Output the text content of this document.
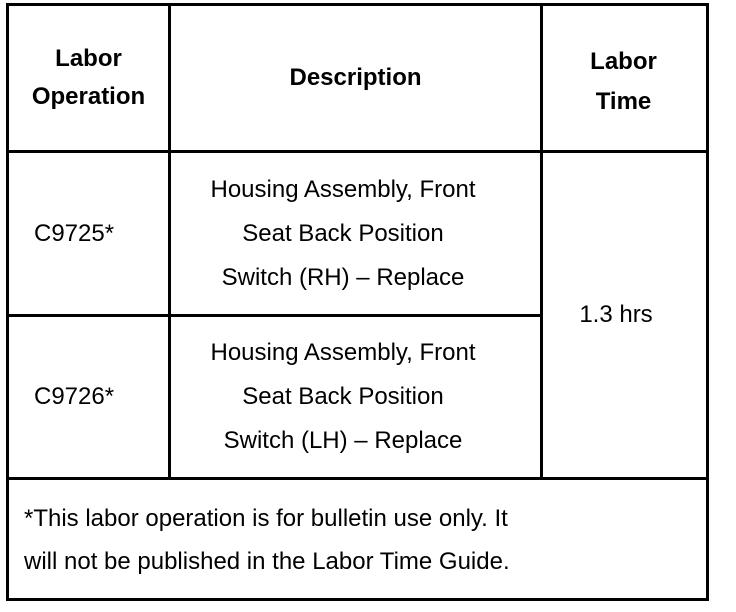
Labor
Operation
Description
Labor
Time
C9725*
Housing Assembly, Front
Seat Back Position
Switch (RH) – Replace
C9726*
Housing Assembly, Front
Seat Back Position
Switch (LH) – Replace
1.3 hrs
*This labor operation is for bulletin use only. It
will not be published in the Labor Time Guide.
